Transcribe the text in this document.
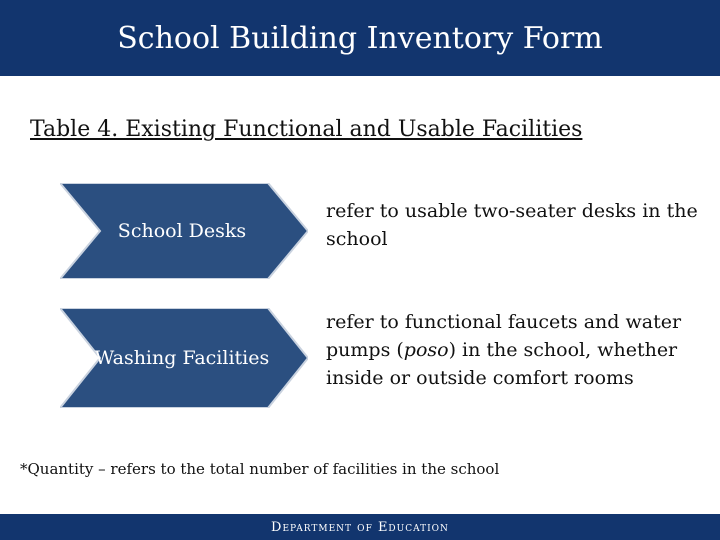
School Building Inventory Form
Table 4. Existing Functional and Usable Facilities
School Desks
refer to usable two-seater desks in the school
Washing Facilities
refer to functional faucets and water pumps (poso) in the school, whether inside or outside comfort rooms
*Quantity – refers to the total number of facilities in the school
Department of Education
